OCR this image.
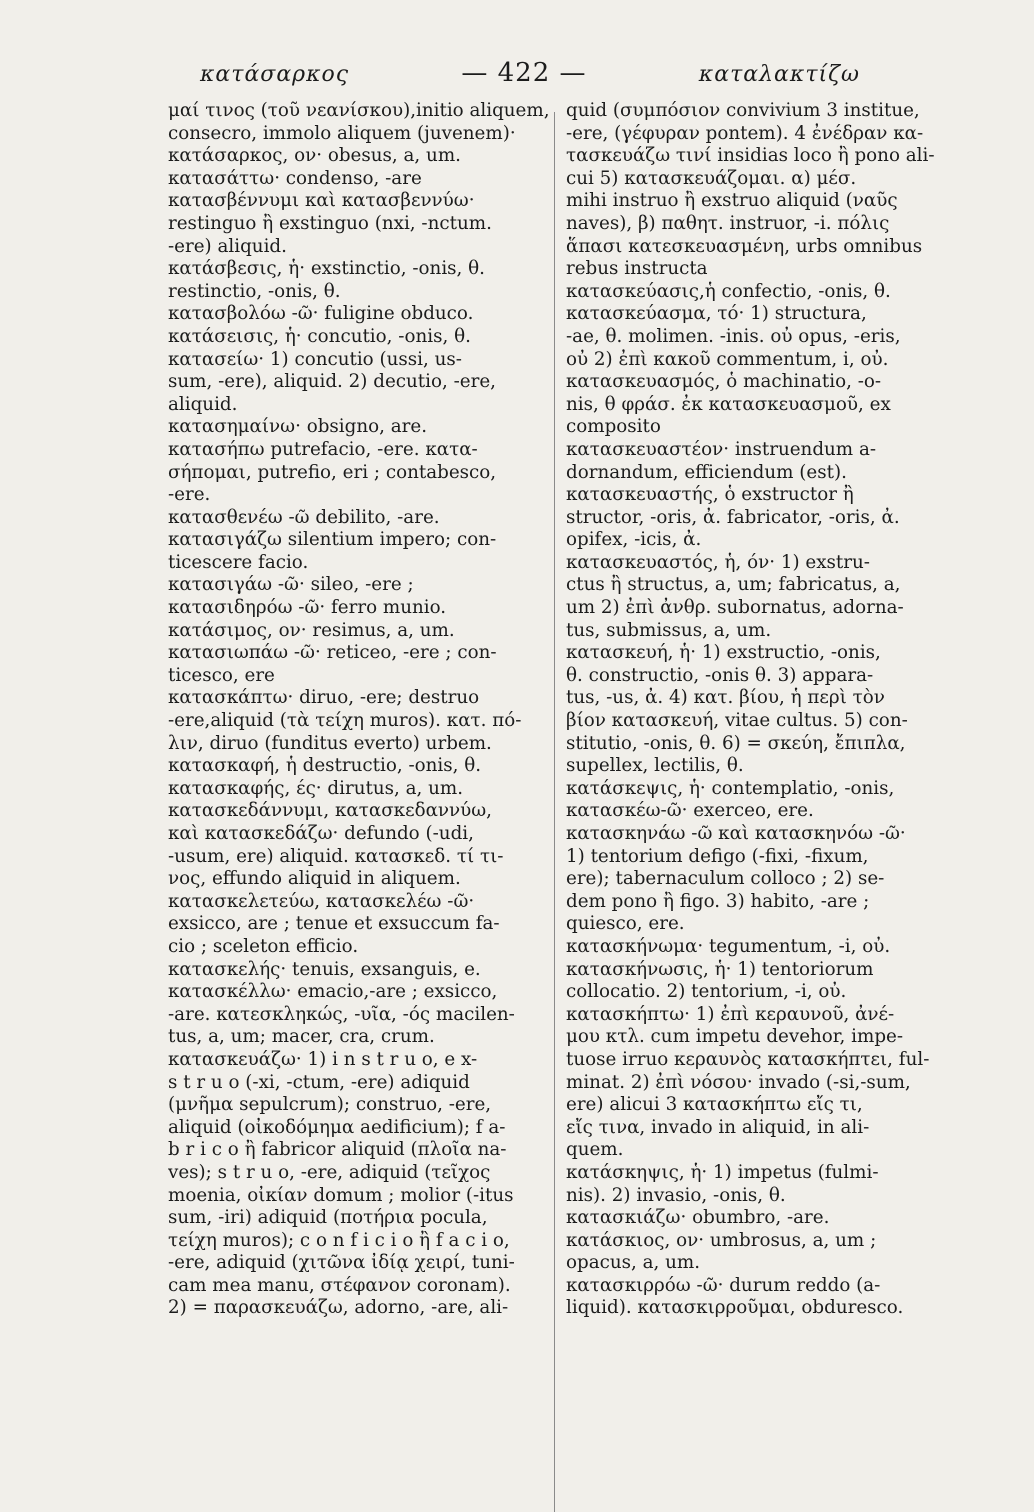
κατάσαρκος	— 422 —	καταλακτίζω

μαί τινος (τοῦ νεανίσκου),initio aliquem,

consecro, immolo aliquem (juvenem)·

κατάσαρκος, ον· obesus, a, um.

κατασάττω· condenso, -are

κατασβέννυμι καὶ κατασβεννύω·

restinguo ἢ exstinguo (nxi, -nctum.

-ere) aliquid.

κατάσβεσις, ἡ· exstinctio, -onis, θ.

restinctio, -onis, θ.

κατασβολόω -ῶ· fuligine obduco.

κατάσεισις, ἡ· concutio, -onis, θ.

κατασείω· 1) concutio (ussi, us-

sum, -ere), aliquid. 2) decutio, -ere,

aliquid.

κατασημαίνω· obsigno, are.

κατασήπω putrefacio, -ere. κατα-

σήπομαι, putrefio, eri ; contabesco,

-ere.

κατασθενέω -ῶ debilito, -are.

κατασιγάζω silentium impero; con-

ticescere facio.

κατασιγάω -ῶ· sileo, -ere ;

κατασιδηρόω -ῶ· ferro munio.

κατάσιμος, ον· resimus, a, um.

κατασιωπάω -ῶ· reticeo, -ere ; con-

ticesco, ere

κατασκάπτω· diruo, -ere; destruo

-ere,aliquid (τὰ τείχη muros). κατ. πό-

λιν, diruo (funditus everto) urbem.

κατασκαφή, ἡ destructio, -onis, θ.

κατασκαφής, ές· dirutus, a, um.

κατασκεδάννυμι, κατασκεδαννύω,

καὶ κατασκεδάζω· defundo (-udi,

-usum, ere) aliquid. κατασκεδ. τί τι-

νος, effundo aliquid in aliquem.

κατασκελετεύω, κατασκελέω -ῶ·

exsicco, are ; tenue et exsuccum fa-

cio ; sceleton efficio.

κατασκελής· tenuis, exsanguis, e.

κατασκέλλω· emacio,-are ; exsicco,

-are. κατεσκληκώς, -υῖα, -ός macilen-

tus, a, um; macer, cra, crum.

κατασκευάζω· 1) i n s t r u o, e x-

s t r u o (-xi, -ctum, -ere) adiquid

(μνῆμα sepulcrum); construo, -ere,

aliquid (οἰκοδόμημα aedificium); f a-

b r i c o ἢ fabricor aliquid (πλοῖα na-

ves); s t r u o, -ere, adiquid (τεῖχος

moenia, οἰκίαν domum ; molior (-itus

sum, -iri) adiquid (ποτήρια pocula,

τείχη muros); c o n f i c i o ἢ f a c i o,

-ere, adiquid (χιτῶνα ἰδίᾳ χειρί, tuni-

cam mea manu, στέφανον coronam).

2) = παρασκευάζω, adorno, -are, ali-

quid (συμπόσιον convivium 3 institue,

-ere, (γέφυραν pontem). 4 ἐνέδραν κα-

τασκευάζω τινί insidias loco ἢ pono ali-

cui 5) κατασκευάζομαι. α) μέσ.

mihi instruo ἢ exstruo aliquid (ναῦς

naves), β) παθητ. instruor, -i. πόλις

ἅπασι κατεσκευασμένη, urbs omnibus

rebus instructa

κατασκεύασις,ἡ confectio, -onis, θ.

κατασκεύασμα, τό· 1) structura,

-ae, θ. molimen. -inis. οὐ opus, -eris,

οὐ 2) ἐπὶ κακοῦ commentum, i, οὐ.

κατασκευασμός, ὁ machinatio, -o-

nis, θ φράσ. ἐκ κατασκευασμοῦ, ex

composito

κατασκευαστέον· instruendum a-

dornandum, efficiendum (est).

κατασκευαστής, ὁ exstructor ἢ

structor, -oris, ἀ. fabricator, -oris, ἀ.

opifex, -icis, ἀ.

κατασκευαστός, ἡ, όν· 1) exstru-

ctus ἢ structus, a, um; fabricatus, a,

um 2) ἐπὶ ἀνθρ. subornatus, adorna-

tus, submissus, a, um.

κατασκευή, ἡ· 1) exstructio, -onis,

θ. constructio, -onis θ. 3) appara-

tus, -us, ἀ. 4) κατ. βίου, ἡ περὶ τὸν

βίον κατασκευή, vitae cultus. 5) con-

stitutio, -onis, θ. 6) = σκεύη, ἔπιπλα,

supellex, lectilis, θ.

κατάσκεψις, ἡ· contemplatio, -onis,

κατασκέω-ῶ· exerceo, ere.

κατασκηνάω -ῶ καὶ κατασκηνόω -ῶ·

1) tentorium defigo (-fixi, -fixum,

ere); tabernaculum colloco ; 2) se-

dem pono ἢ figo. 3) habito, -are ;

quiesco, ere.

κατασκήνωμα· tegumentum, -i, οὐ.

κατασκήνωσις, ἡ· 1) tentoriorum

collocatio. 2) tentorium, -i, οὐ.

κατασκήπτω· 1) ἐπὶ κεραυνοῦ, ἀνέ-

μου κτλ. cum impetu devehor, impe-

tuose irruo κεραυνὸς κατασκήπτει, ful-

minat. 2) ἐπὶ νόσου· invado (-si,-sum,

ere) alicui 3 κατασκήπτω εἴς τι,

εἴς τινα, invado in aliquid, in ali-

quem.

κατάσκηψις, ἡ· 1) impetus (fulmi-

nis). 2) invasio, -onis, θ.

κατασκιάζω· obumbro, -are.

κατάσκιος, ον· umbrosus, a, um ;

opacus, a, um.

κατασκιρρόω -ῶ· durum reddo (a-

liquid). κατασκιρροῦμαι, obduresco.
